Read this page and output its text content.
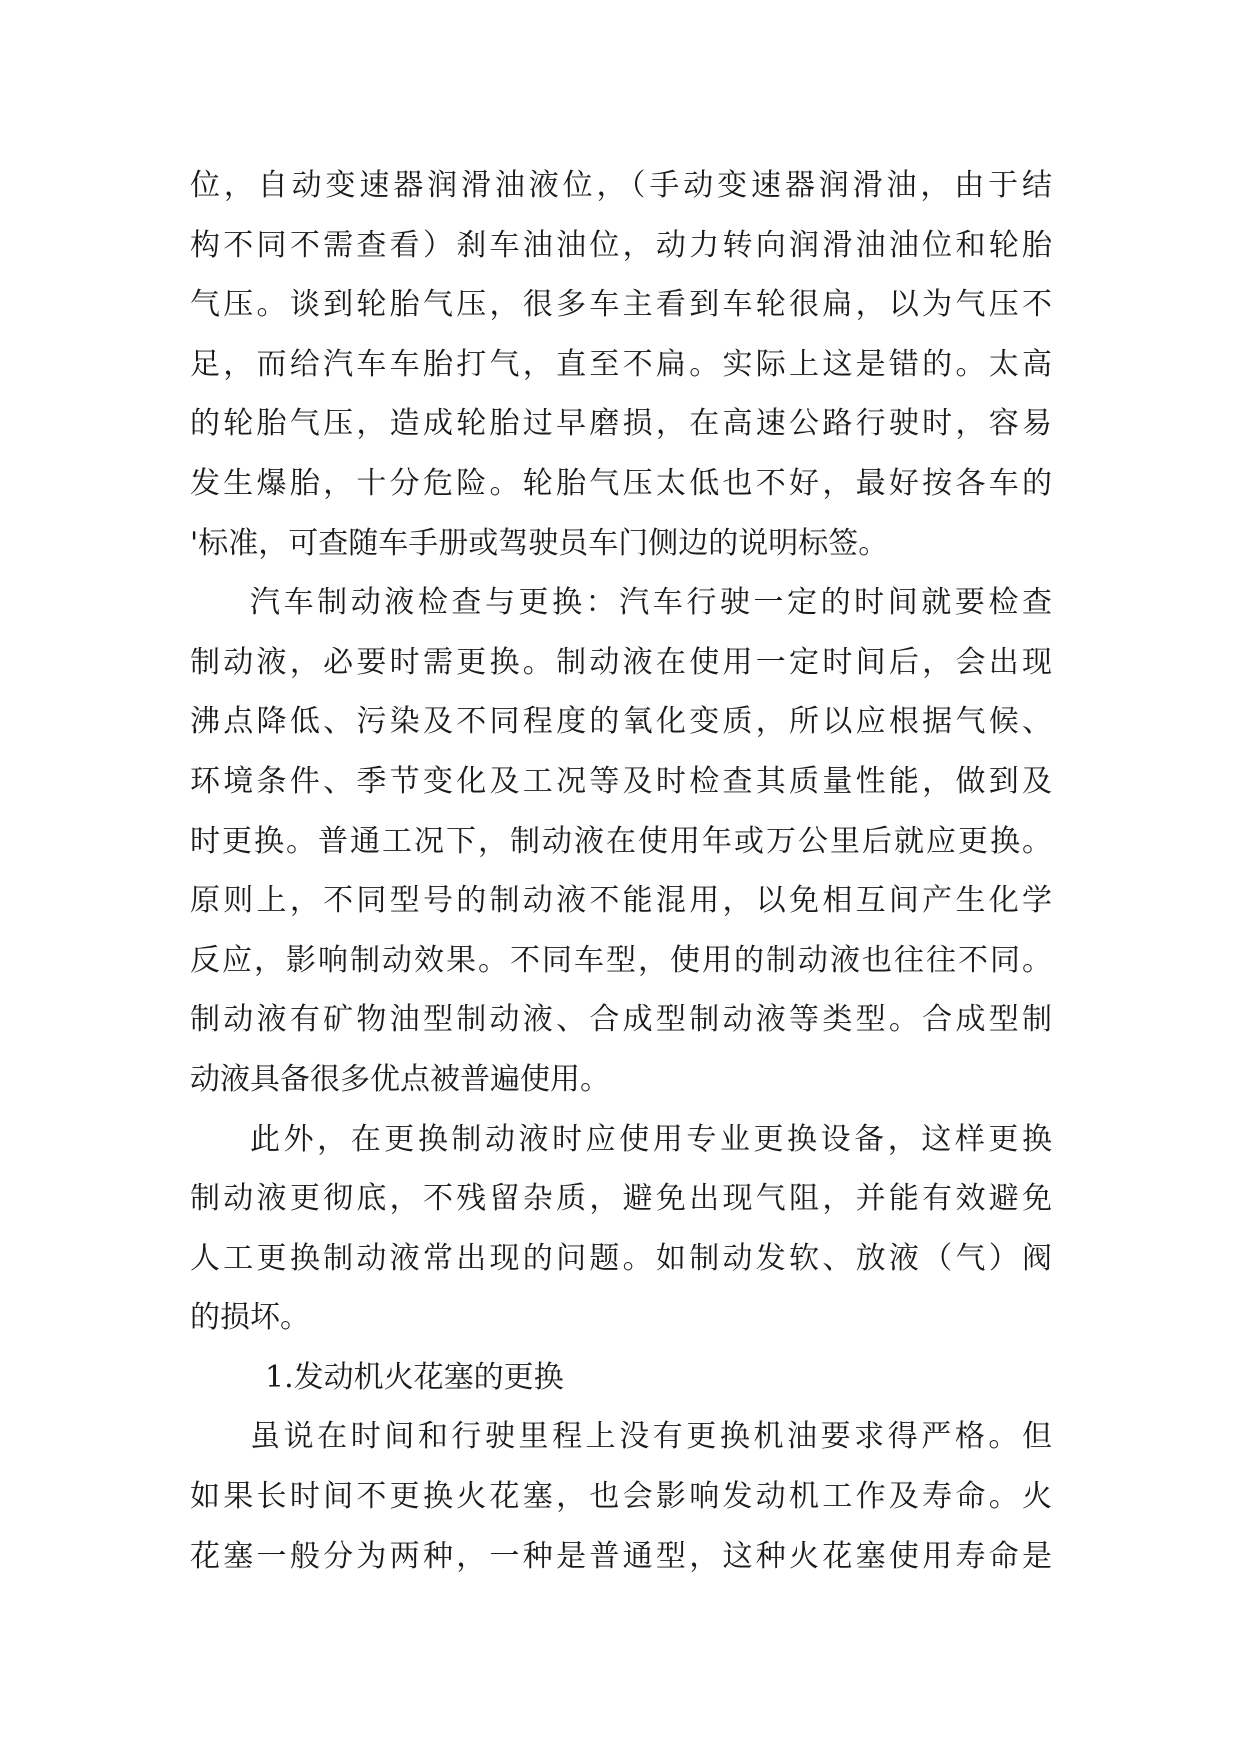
位，自动变速器润滑油液位，（手动变速器润滑油，由于结
构不同不需查看）刹车油油位，动力转向润滑油油位和轮胎
气压。谈到轮胎气压，很多车主看到车轮很扁，以为气压不
足，而给汽车车胎打气，直至不扁。实际上这是错的。太高
的轮胎气压，造成轮胎过早磨损，在高速公路行驶时，容易
发生爆胎，十分危险。轮胎气压太低也不好，最好按各车的
'标准，可查随车手册或驾驶员车门侧边的说明标签。
汽车制动液检查与更换：汽车行驶一定的时间就要检查
制动液，必要时需更换。制动液在使用一定时间后，会出现
沸点降低、污染及不同程度的氧化变质，所以应根据气候、
环境条件、季节变化及工况等及时检查其质量性能，做到及
时更换。普通工况下，制动液在使用年或万公里后就应更换。
原则上，不同型号的制动液不能混用，以免相互间产生化学
反应，影响制动效果。不同车型，使用的制动液也往往不同。
制动液有矿物油型制动液、合成型制动液等类型。合成型制
动液具备很多优点被普遍使用。
此外，在更换制动液时应使用专业更换设备，这样更换
制动液更彻底，不残留杂质，避免出现气阻，并能有效避免
人工更换制动液常出现的问题。如制动发软、放液（气）阀
的损坏。
1.发动机火花塞的更换
虽说在时间和行驶里程上没有更换机油要求得严格。但
如果长时间不更换火花塞，也会影响发动机工作及寿命。火
花塞一般分为两种，一种是普通型，这种火花塞使用寿命是
